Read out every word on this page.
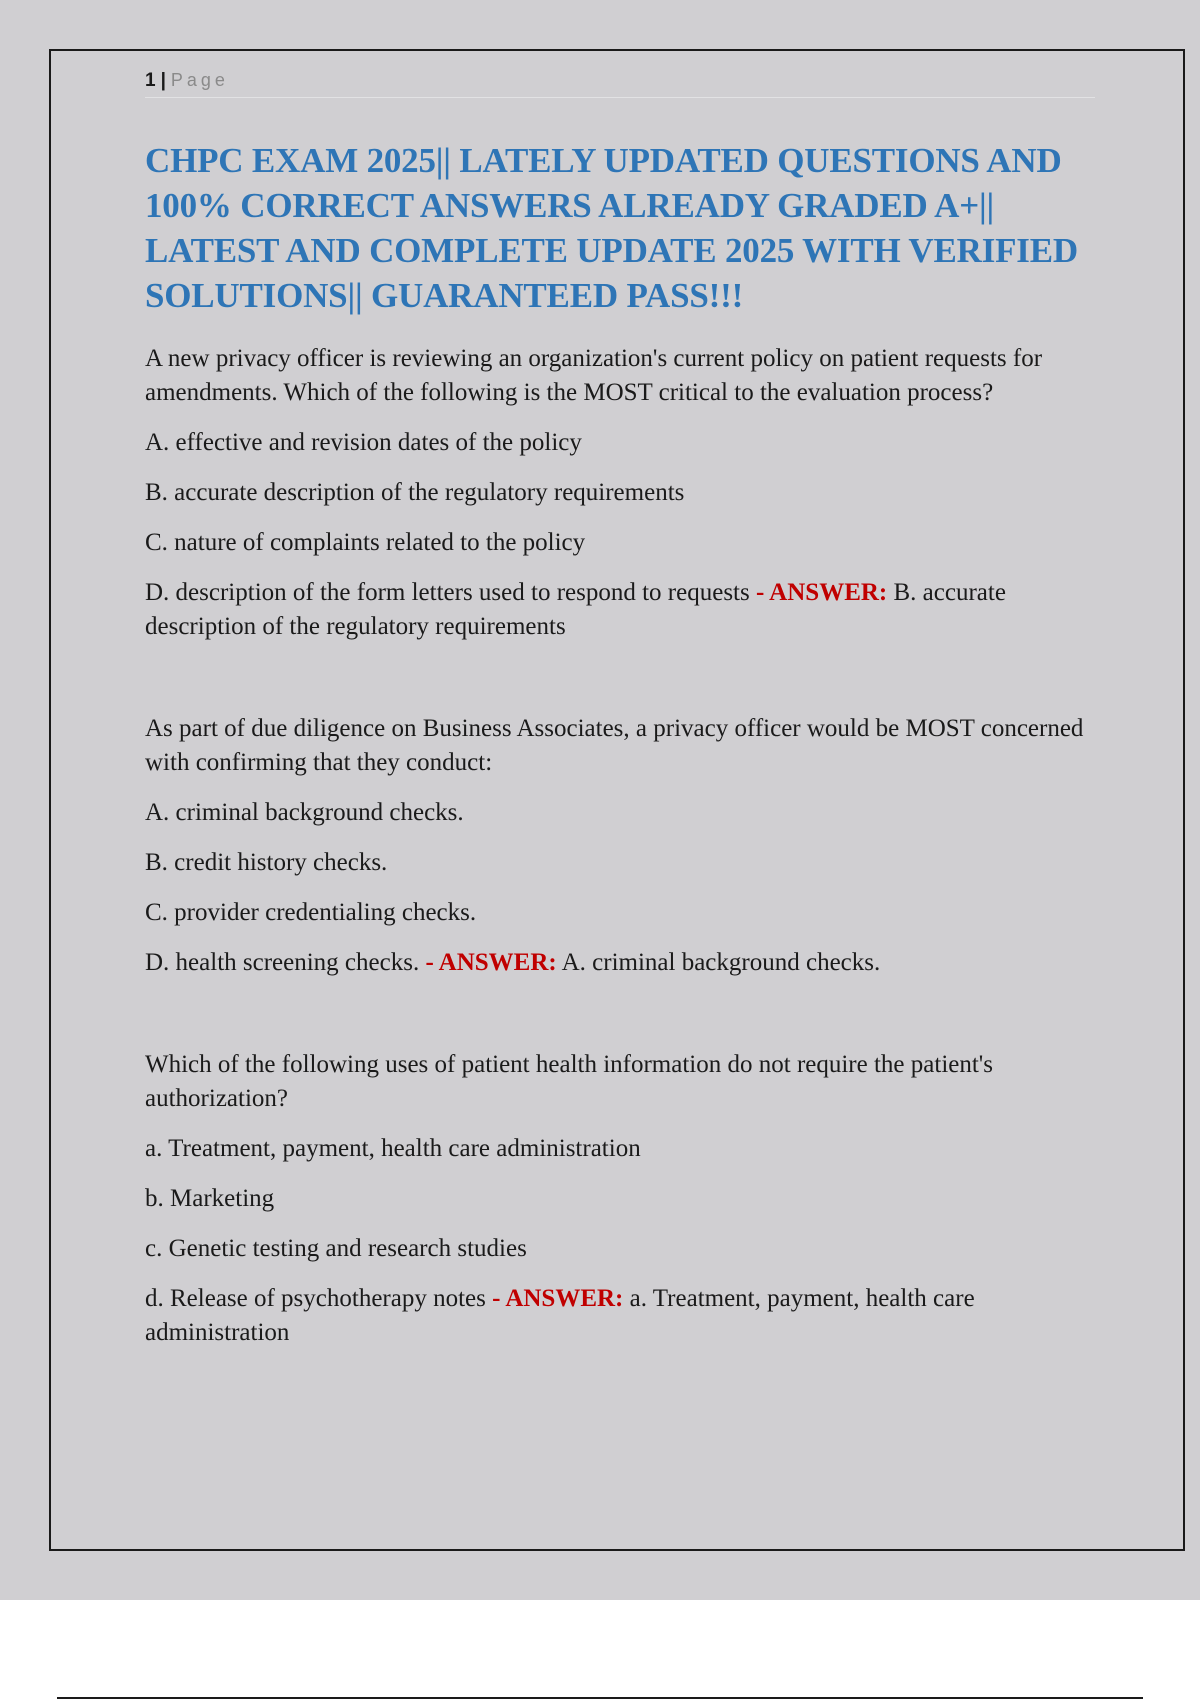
1 | Page
CHPC EXAM 2025|| LATELY UPDATED QUESTIONS AND 100% CORRECT ANSWERS ALREADY GRADED A+|| LATEST AND COMPLETE UPDATE 2025 WITH VERIFIED SOLUTIONS|| GUARANTEED PASS!!!

A new privacy officer is reviewing an organization's current policy on patient requests for amendments. Which of the following is the MOST critical to the evaluation process?

A. effective and revision dates of the policy

B. accurate description of the regulatory requirements

C. nature of complaints related to the policy

D. description of the form letters used to respond to requests - ANSWER: B. accurate description of the regulatory requirements

As part of due diligence on Business Associates, a privacy officer would be MOST concerned with confirming that they conduct:

A. criminal background checks.

B. credit history checks.

C. provider credentialing checks.

D. health screening checks. - ANSWER: A. criminal background checks.

Which of the following uses of patient health information do not require the patient's authorization?

a. Treatment, payment, health care administration

b. Marketing

c. Genetic testing and research studies

d. Release of psychotherapy notes - ANSWER: a. Treatment, payment, health care administration
